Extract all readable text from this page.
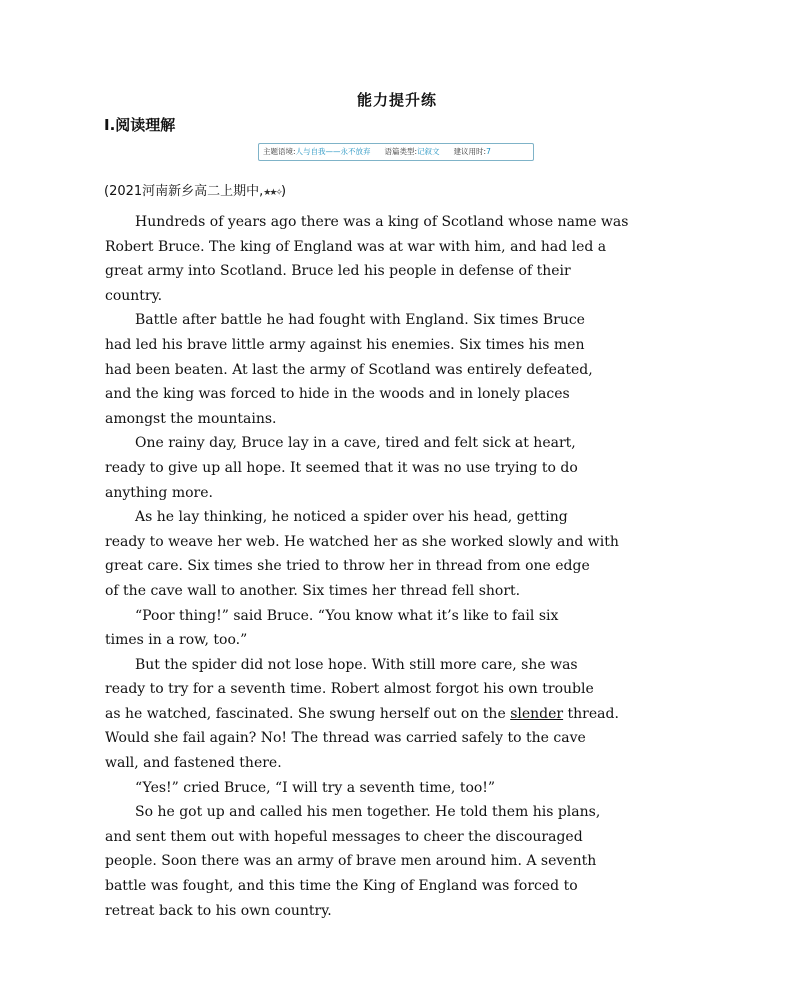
能力提升练
Ⅰ.阅读理解
主题语境:人与自我——永不放弃 语篇类型:记叙文 建议用时:7
(2021河南新乡高二上期中,★★✧)

Hundreds of years ago there was a king of Scotland whose name was
Robert Bruce. The king of England was at war with him, and had led a
great army into Scotland. Bruce led his people in defense of their
country.

Battle after battle he had fought with England. Six times Bruce
had led his brave little army against his enemies. Six times his men
had been beaten. At last the army of Scotland was entirely defeated,
and the king was forced to hide in the woods and in lonely places
amongst the mountains.

One rainy day, Bruce lay in a cave, tired and felt sick at heart,
ready to give up all hope. It seemed that it was no use trying to do
anything more.

As he lay thinking, he noticed a spider over his head, getting
ready to weave her web. He watched her as she worked slowly and with
great care. Six times she tried to throw her in thread from one edge
of the cave wall to another. Six times her thread fell short.

“Poor thing!” said Bruce. “You know what it’s like to fail six
times in a row, too.”

But the spider did not lose hope. With still more care, she was
ready to try for a seventh time. Robert almost forgot his own trouble
as he watched, fascinated. She swung herself out on the slender thread.
Would she fail again? No! The thread was carried safely to the cave
wall, and fastened there.

“Yes!” cried Bruce, “I will try a seventh time, too!”

So he got up and called his men together. He told them his plans,
and sent them out with hopeful messages to cheer the discouraged
people. Soon there was an army of brave men around him. A seventh
battle was fought, and this time the King of England was forced to
retreat back to his own country.
